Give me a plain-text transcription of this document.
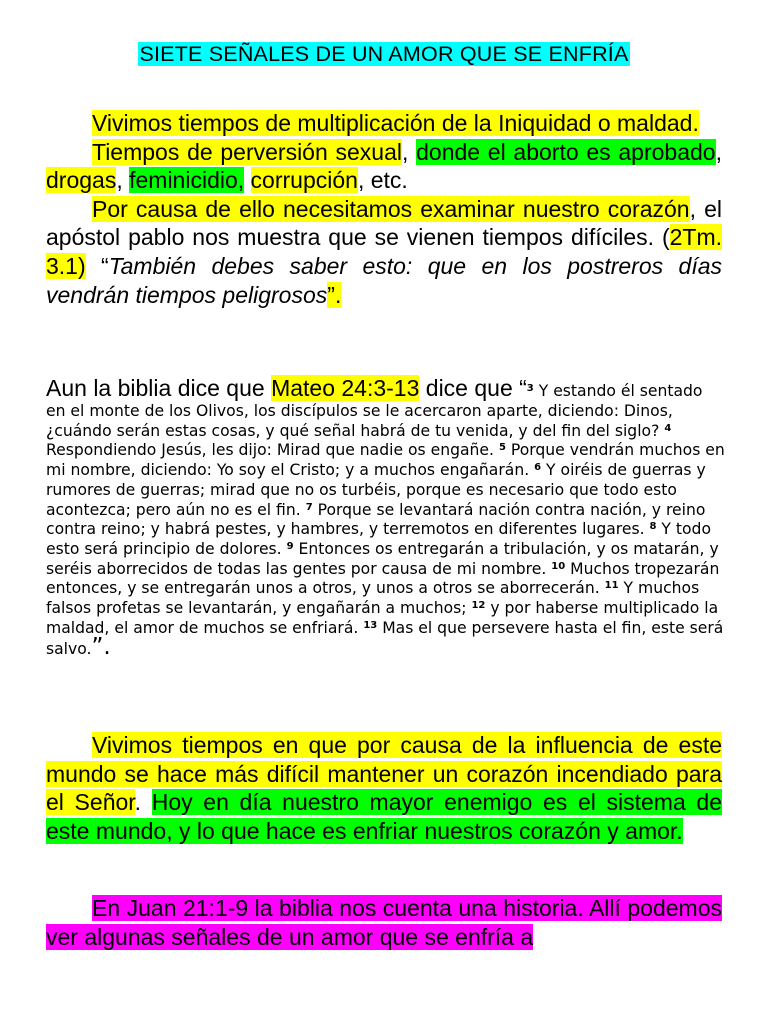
SIETE SEÑALES DE UN AMOR QUE SE ENFRÍA

Vivimos tiempos de multiplicación de la Iniquidad o maldad.

Tiempos de perversión sexual, donde el aborto es aprobado, drogas, feminicidio, corrupción, etc.

Por causa de ello necesitamos examinar nuestro corazón, el apóstol pablo nos muestra que se vienen tiempos difíciles. (2Tm. 3.1) “También debes saber esto: que en los postreros días vendrán tiempos peligrosos”.

Aun la biblia dice que Mateo 24:3-13 dice que “$^3$ Y estando él sentado en el monte de los Olivos, los discípulos se le acercaron aparte, diciendo: Dinos, ¿cuándo serán estas cosas, y qué señal habrá de tu venida, y del fin del siglo? $^4$ Respondiendo Jesús, les dijo: Mirad que nadie os engañe. $^5$ Porque vendrán muchos en mi nombre, diciendo: Yo soy el Cristo; y a muchos engañarán. $^6$ Y oiréis de guerras y rumores de guerras; mirad que no os turbéis, porque es necesario que todo esto acontezca; pero aún no es el fin. $^7$ Porque se levantará nación contra nación, y reino contra reino; y habrá pestes, y hambres, y terremotos en diferentes lugares. $^8$ Y todo esto será principio de dolores. $^9$ Entonces os entregarán a tribulación, y os matarán, y seréis aborrecidos de todas las gentes por causa de mi nombre. $^{10}$ Muchos tropezarán entonces, y se entregarán unos a otros, y unos a otros se aborrecerán. $^{11}$ Y muchos falsos profetas se levantarán, y engañarán a muchos; $^{12}$ y por haberse multiplicado la maldad, el amor de muchos se enfriará. $^{13}$ Mas el que persevere hasta el fin, este será salvo.”.

Vivimos tiempos en que por causa de la influencia de este mundo se hace más difícil mantener un corazón incendiado para el Señor. Hoy en día nuestro mayor enemigo es el sistema de este mundo, y lo que hace es enfriar nuestros corazón y amor.

En Juan 21:1-9 la biblia nos cuenta una historia. Allí podemos ver algunas señales de un amor que se enfría a
